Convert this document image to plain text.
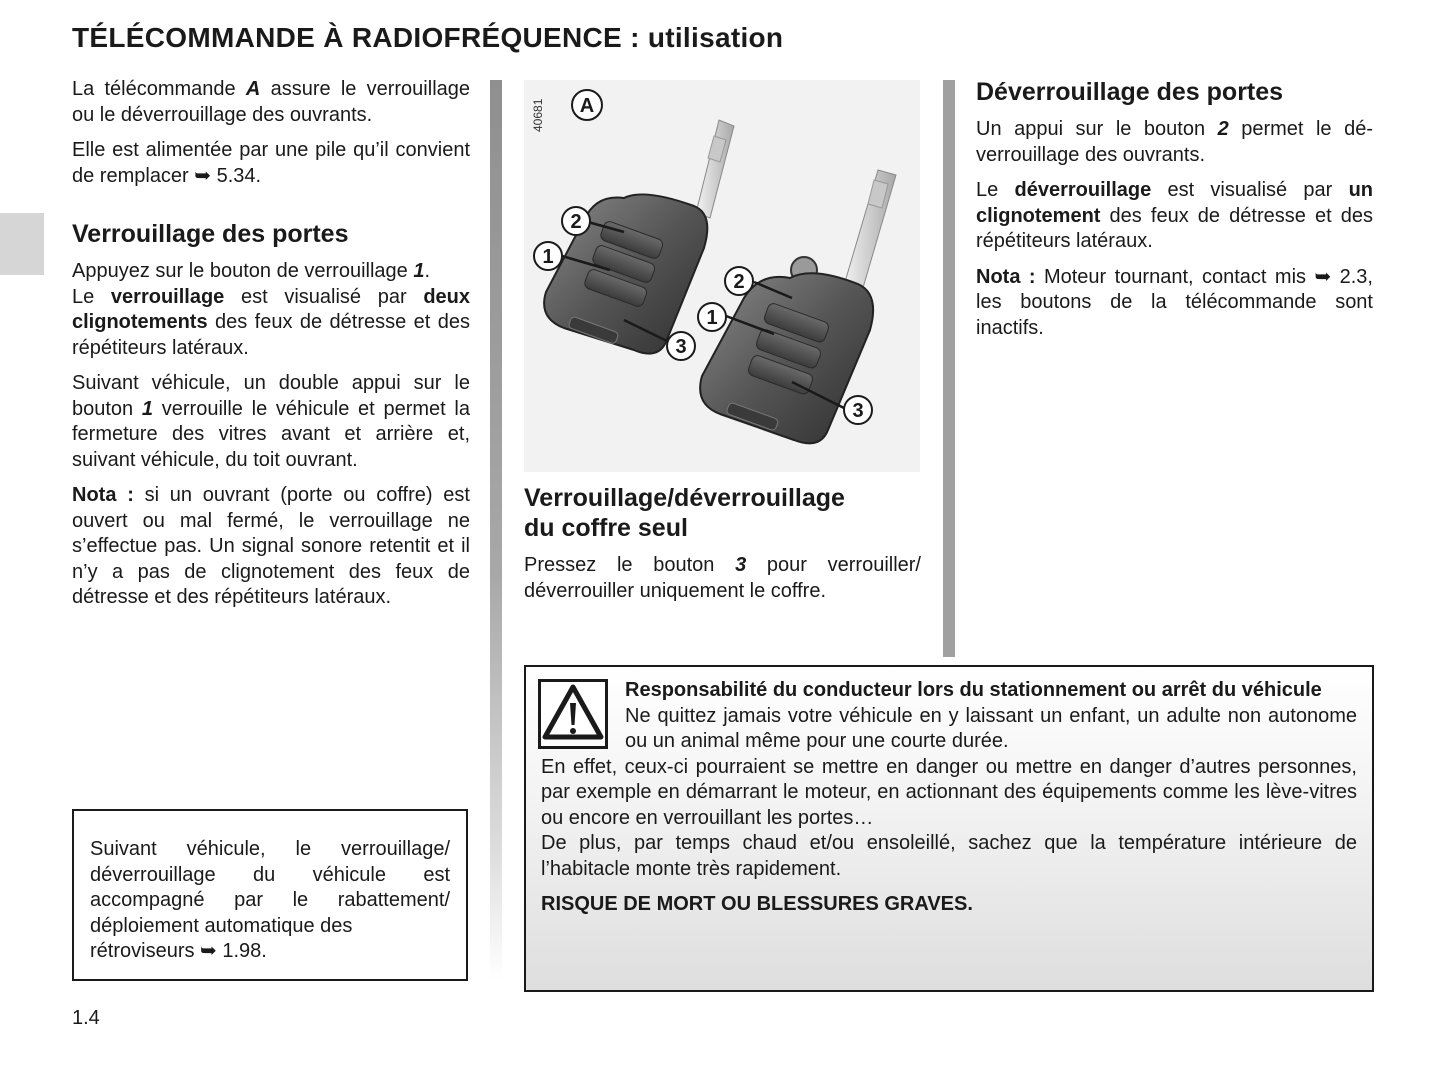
TÉLÉCOMMANDE À RADIOFRÉQUENCE : utilisation

La télécommande A assure le verrouillage ou le déverrouillage des ouvrants.

Elle est alimentée par une pile qu’il convient de remplacer ➥ 5.34.

Verrouillage des portes

Appuyez sur le bouton de verrouillage 1.

Le verrouillage est visualisé par deux clignotements des feux de détresse et des répétiteurs latéraux.

Suivant véhicule, un double appui sur le bouton 1 verrouille le véhicule et permet la fermeture des vitres avant et arrière et, suivant véhicule, du toit ouvrant.

Nota : si un ouvrant (porte ou coffre) est ouvert ou mal fermé, le verrouillage ne s’effectue pas. Un signal sonore retentit et il n’y a pas de clignotement des feux de détresse et des répétiteurs latéraux.

Suivant véhicule, le verrouillage/ déverrouillage du véhicule est accompagné par le rabattement/ déploiement automatique des
rétroviseurs ➥ 1.98.
40681 A
2
1
3
2
1
3
Verrouillage/déverrouillage
du coffre seul

Pressez le bouton 3 pour verrouiller/ déverrouiller uniquement le coffre.

Déverrouillage des portes

Un appui sur le bouton 2 permet le déverrouillage des ouvrants.

Le déverrouillage est visualisé par un clignotement des feux de détresse et des répétiteurs latéraux.

Nota : Moteur tournant, contact mis ➥ 2.3, les boutons de la télécommande sont inactifs.

Responsabilité du conducteur lors du stationnement ou arrêt du véhicule
Ne quittez jamais votre véhicule en y laissant un enfant, un adulte non autonome ou un animal même pour une courte durée.
En effet, ceux-ci pourraient se mettre en danger ou mettre en danger d’autres personnes, par exemple en démarrant le moteur, en actionnant des équipements comme les lève-vitres ou encore en verrouillant les portes…
De plus, par temps chaud et/ou ensoleillé, sachez que la température intérieure de l’habitacle monte très rapidement.
RISQUE DE MORT OU BLESSURES GRAVES.
1.4
